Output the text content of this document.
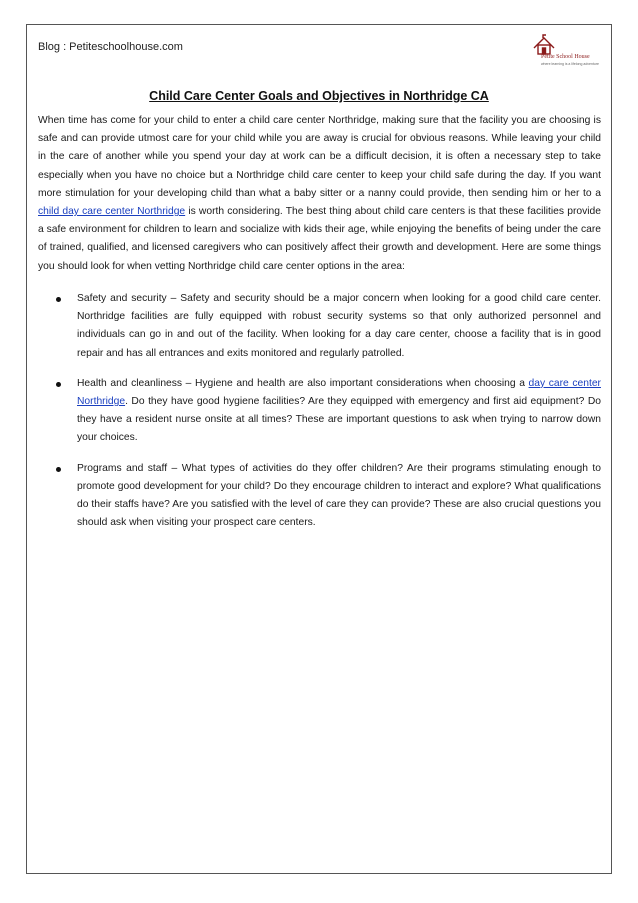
Blog : Petiteschoolhouse.com
Petite School House
where learning is a lifelong adventure
Child Care Center Goals and Objectives in Northridge CA
When time has come for your child to enter a child care center Northridge, making sure that the facility you are choosing is safe and can provide utmost care for your child while you are away is crucial for obvious reasons. While leaving your child in the care of another while you spend your day at work can be a difficult decision, it is often a necessary step to take especially when you have no choice but a Northridge child care center to keep your child safe during the day. If you want more stimulation for your developing child than what a baby sitter or a nanny could provide, then sending him or her to a child day care center Northridge is worth considering. The best thing about child care centers is that these facilities provide a safe environment for children to learn and socialize with kids their age, while enjoying the benefits of being under the care of trained, qualified, and licensed caregivers who can positively affect their growth and development. Here are some things you should look for when vetting Northridge child care center options in the area:
Safety and security – Safety and security should be a major concern when looking for a good child care center. Northridge facilities are fully equipped with robust security systems so that only authorized personnel and individuals can go in and out of the facility. When looking for a day care center, choose a facility that is in good repair and has all entrances and exits monitored and regularly patrolled.
Health and cleanliness – Hygiene and health are also important considerations when choosing a day care center Northridge. Do they have good hygiene facilities? Are they equipped with emergency and first aid equipment? Do they have a resident nurse onsite at all times? These are important questions to ask when trying to narrow down your choices.
Programs and staff – What types of activities do they offer children? Are their programs stimulating enough to promote good development for your child? Do they encourage children to interact and explore? What qualifications do their staffs have? Are you satisfied with the level of care they can provide? These are also crucial questions you should ask when visiting your prospect care centers.
